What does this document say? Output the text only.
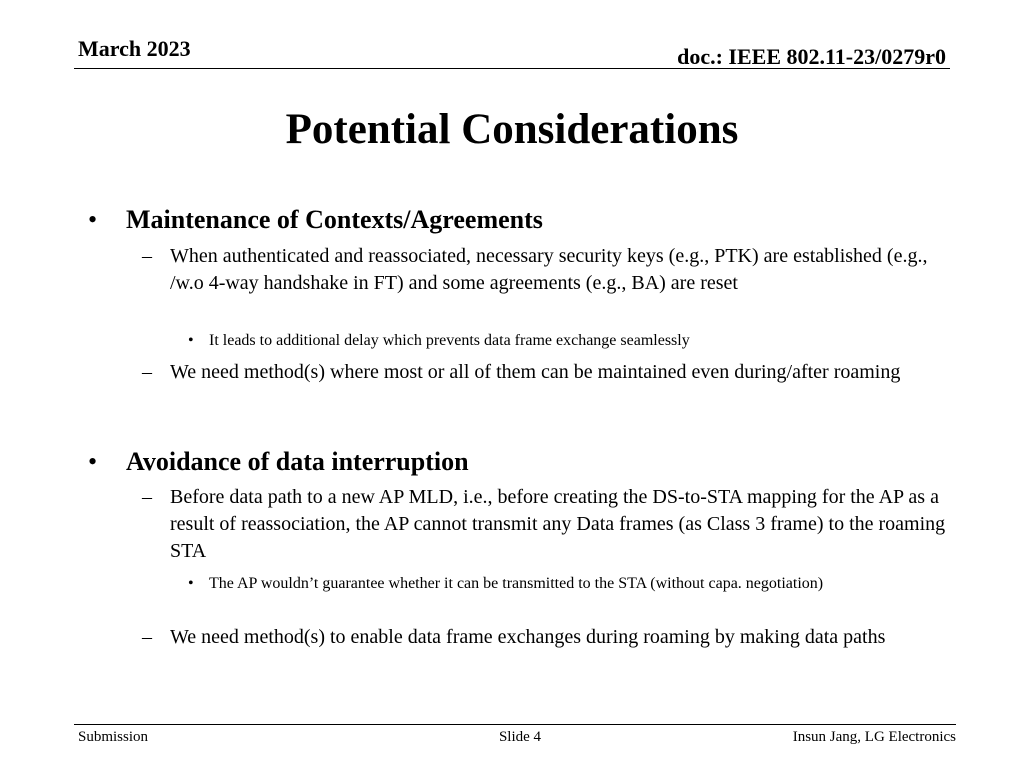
March 2023	doc.: IEEE 802.11-23/0279r0
Potential Considerations
• Maintenance of Contexts/Agreements
– When authenticated and reassociated, necessary security keys (e.g., PTK) are established (e.g., /w.o 4-way handshake in FT) and some agreements (e.g., BA) are reset
• It leads to additional delay which prevents data frame exchange seamlessly
– We need method(s) where most or all of them can be maintained even during/after roaming
• Avoidance of data interruption
– Before data path to a new AP MLD, i.e., before creating the DS-to-STA mapping for the AP as a result of reassociation, the AP cannot transmit any Data frames (as Class 3 frame) to the roaming STA
• The AP wouldn’t guarantee whether it can be transmitted to the STA (without capa. negotiation)
– We need method(s) to enable data frame exchanges during roaming by making data paths
Submission	Slide 4	Insun Jang, LG Electronics
